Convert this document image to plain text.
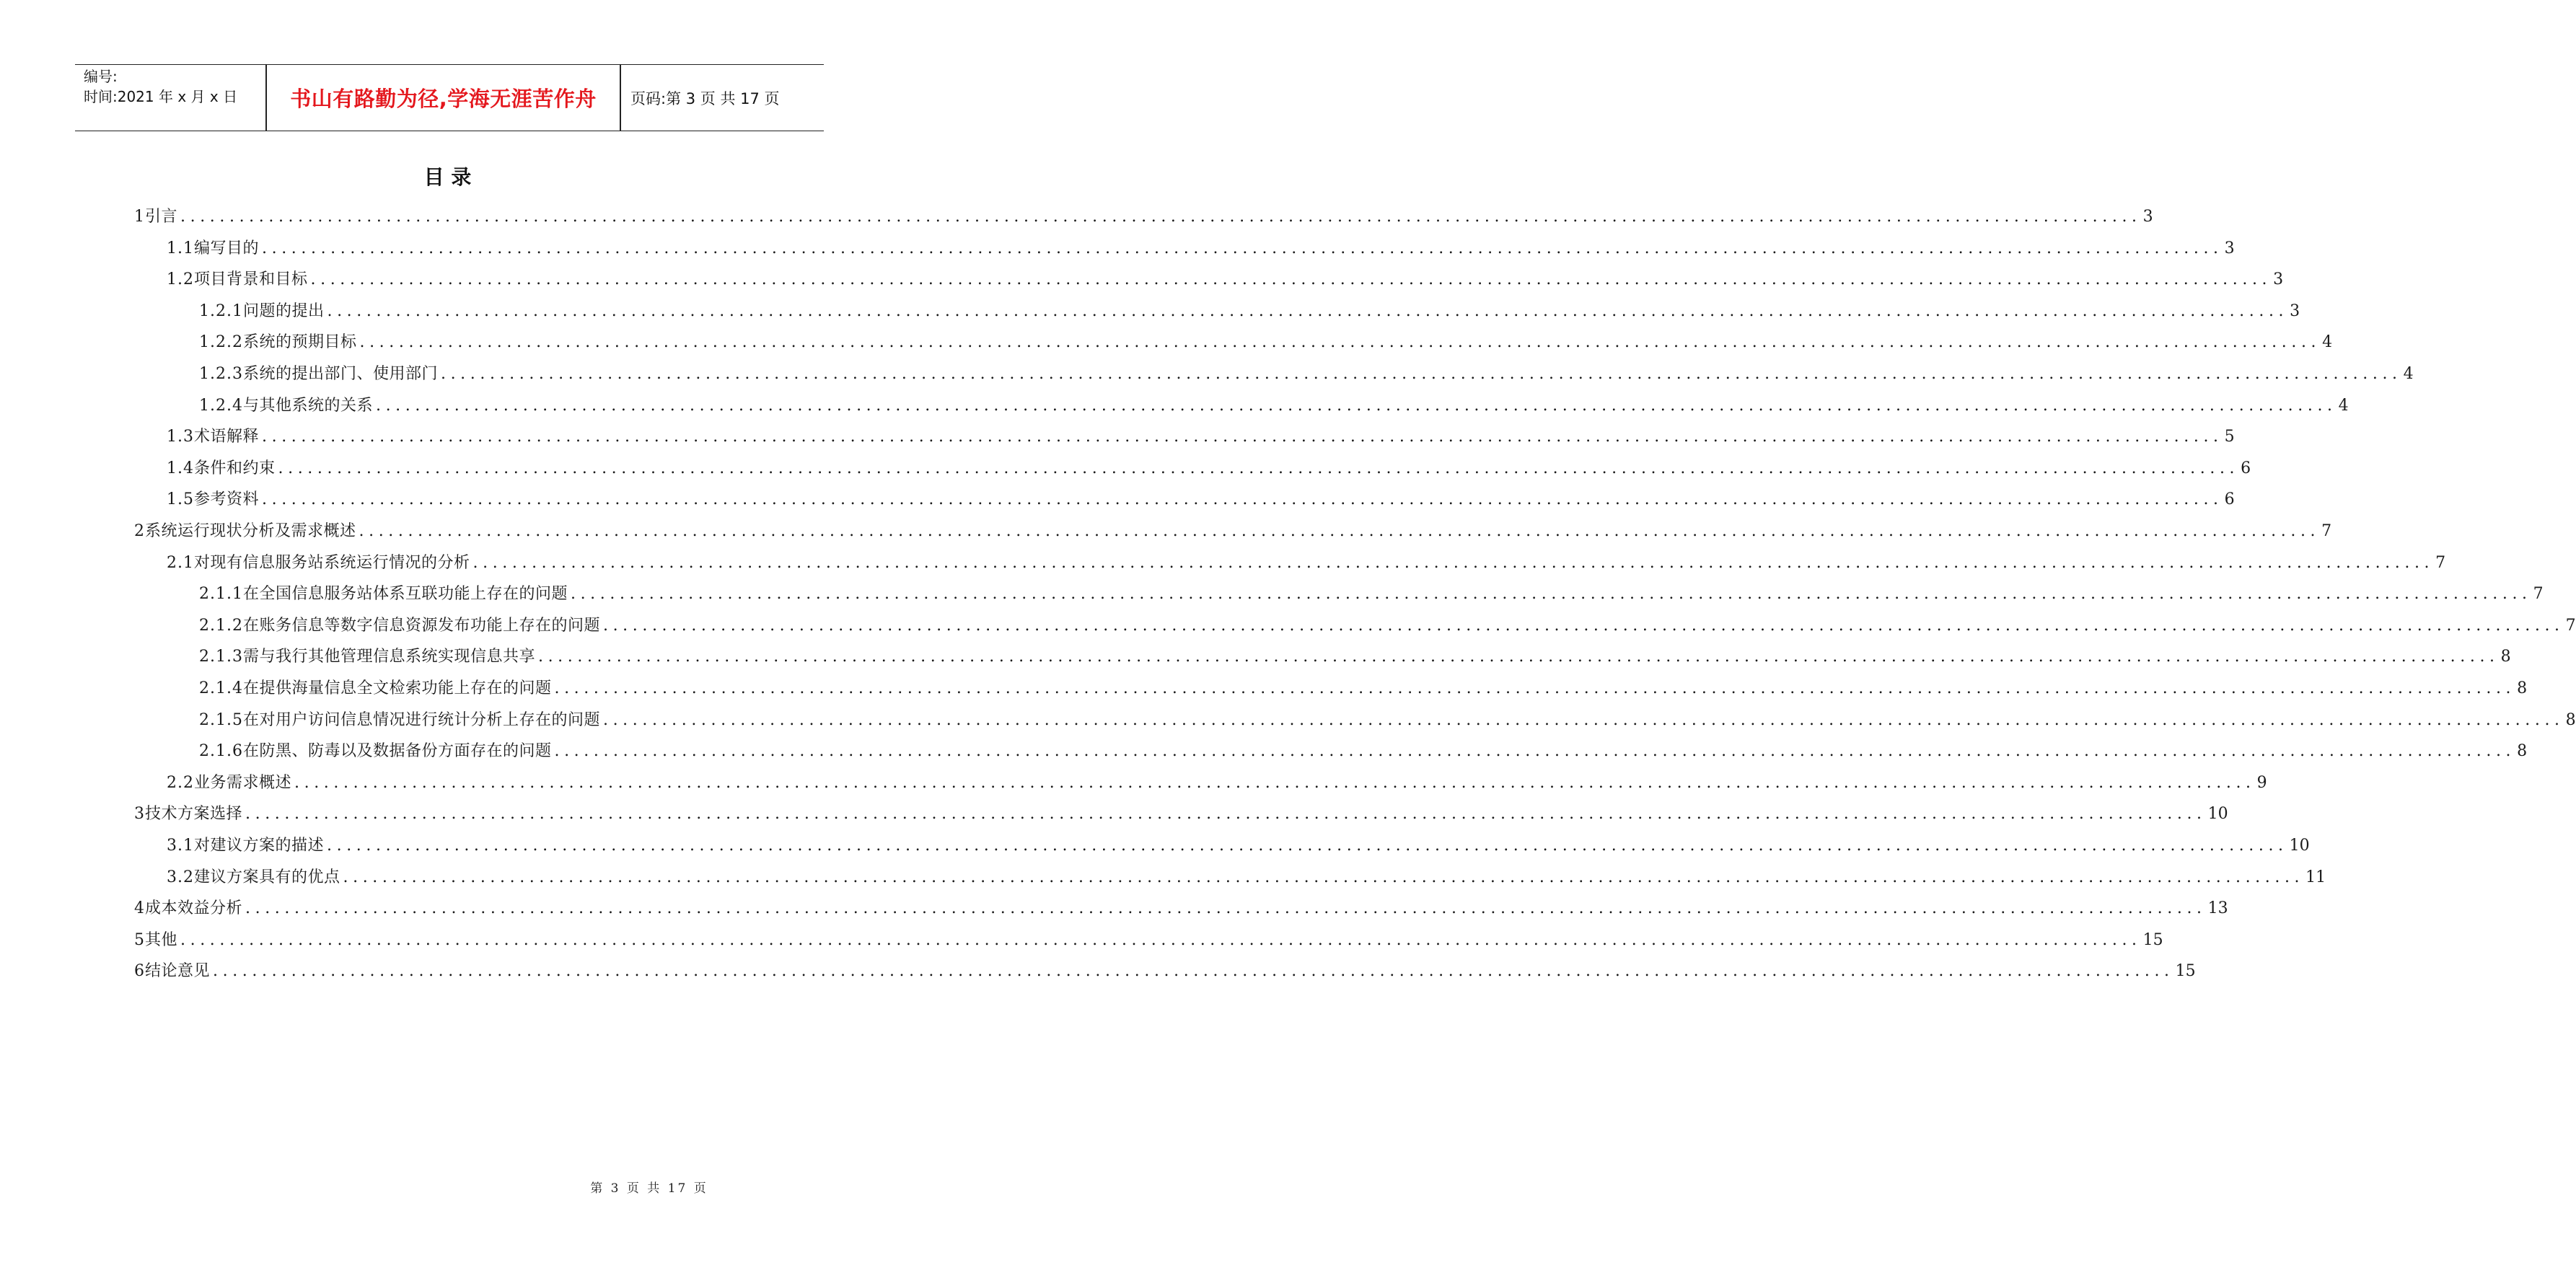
编号:
时间:2021 年 x 月 x 日	书山有路勤为径,学海无涯苦作舟	页码:第 3 页 共 17 页
目 录
1 引言 ........................................................................................................................................................................................................ 3
1.1 编写目的 ........................................................................................................................................................................................................ 3
1.2 项目背景和目标 ........................................................................................................................................................................................................ 3
1.2.1 问题的提出 ........................................................................................................................................................................................................ 3
1.2.2 系统的预期目标 ........................................................................................................................................................................................................ 4
1.2.3 系统的提出部门、使用部门 ........................................................................................................................................................................................................ 4
1.2.4 与其他系统的关系 ........................................................................................................................................................................................................ 4
1.3 术语解释 ........................................................................................................................................................................................................ 5
1.4 条件和约束 ........................................................................................................................................................................................................ 6
1.5 参考资料 ........................................................................................................................................................................................................ 6
2 系统运行现状分析及需求概述 ........................................................................................................................................................................................................ 7
2.1 对现有信息服务站系统运行情况的分析 ........................................................................................................................................................................................................ 7
2.1.1 在全国信息服务站体系互联功能上存在的问题 ........................................................................................................................................................................................................ 7
2.1.2 在账务信息等数字信息资源发布功能上存在的问题 ........................................................................................................................................................................................................ 7
2.1.3 需与我行其他管理信息系统实现信息共享 ........................................................................................................................................................................................................ 8
2.1.4 在提供海量信息全文检索功能上存在的问题 ........................................................................................................................................................................................................ 8
2.1.5 在对用户访问信息情况进行统计分析上存在的问题 ........................................................................................................................................................................................................ 8
2.1.6 在防黑、防毒以及数据备份方面存在的问题 ........................................................................................................................................................................................................ 8
2.2 业务需求概述 ........................................................................................................................................................................................................ 9
3 技术方案选择 ........................................................................................................................................................................................................ 10
3.1 对建议方案的描述 ........................................................................................................................................................................................................ 10
3.2 建议方案具有的优点 ........................................................................................................................................................................................................ 11
4 成本效益分析 ........................................................................................................................................................................................................ 13
5 其他 ........................................................................................................................................................................................................ 15
6 结论意见 ........................................................................................................................................................................................................ 15
第 3 页 共 17 页
